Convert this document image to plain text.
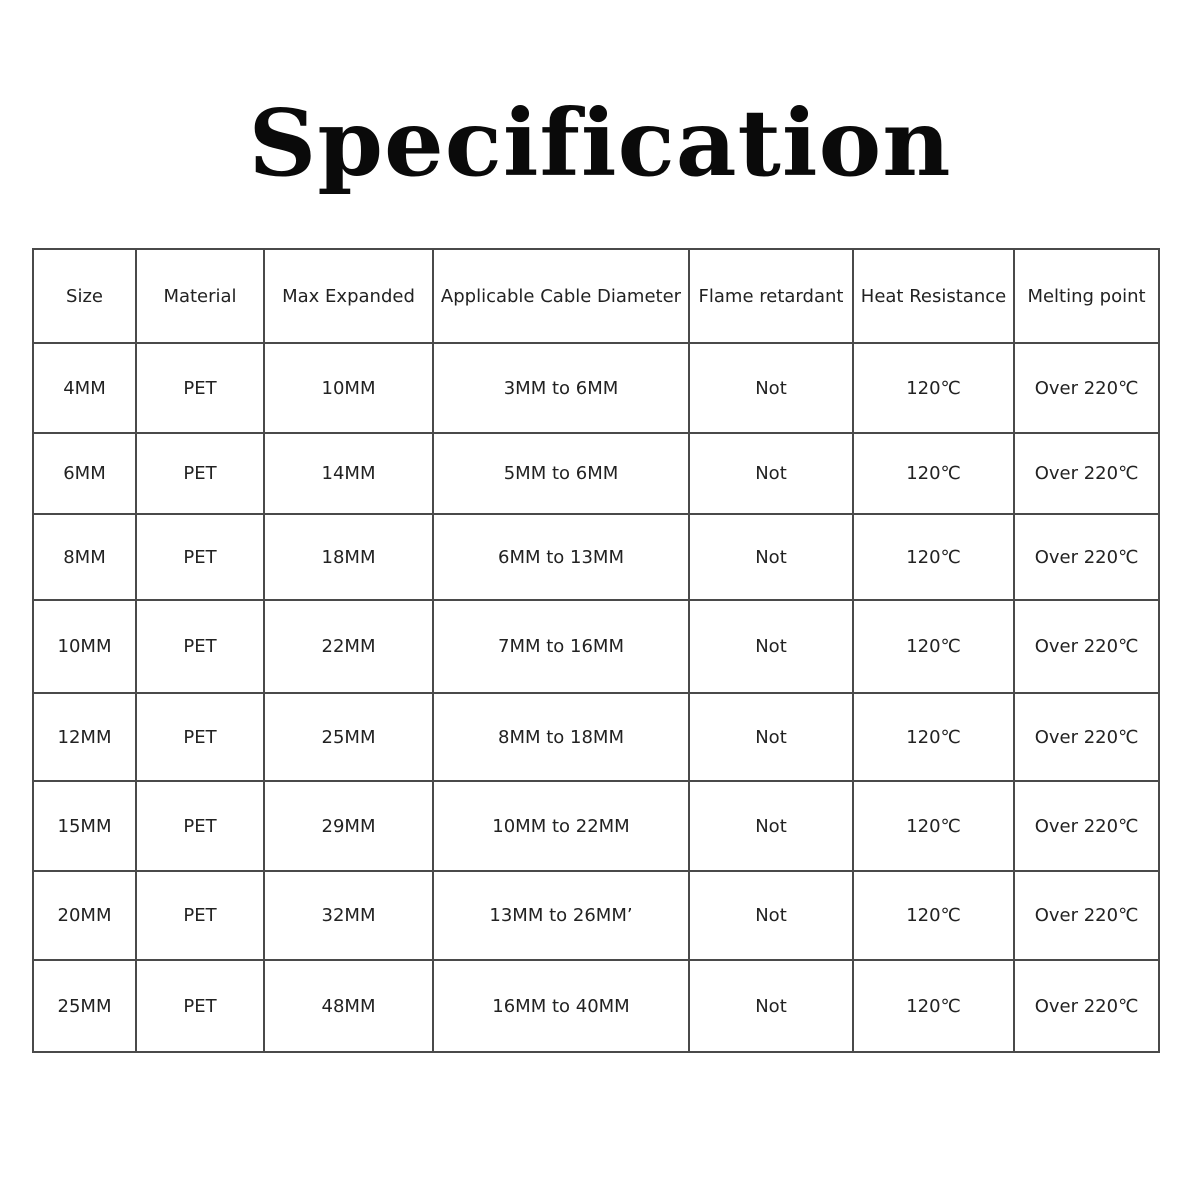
Specification
Size	Material	Max Expanded	Applicable Cable Diameter	Flame retardant	Heat Resistance	Melting point
4MM	PET	10MM	3MM to 6MM	Not	120℃	Over 220℃
6MM	PET	14MM	5MM to 6MM	Not	120℃	Over 220℃
8MM	PET	18MM	6MM to 13MM	Not	120℃	Over 220℃
10MM	PET	22MM	7MM to 16MM	Not	120℃	Over 220℃
12MM	PET	25MM	8MM to 18MM	Not	120℃	Over 220℃
15MM	PET	29MM	10MM to 22MM	Not	120℃	Over 220℃
20MM	PET	32MM	13MM to 26MM’	Not	120℃	Over 220℃
25MM	PET	48MM	16MM to 40MM	Not	120℃	Over 220℃
